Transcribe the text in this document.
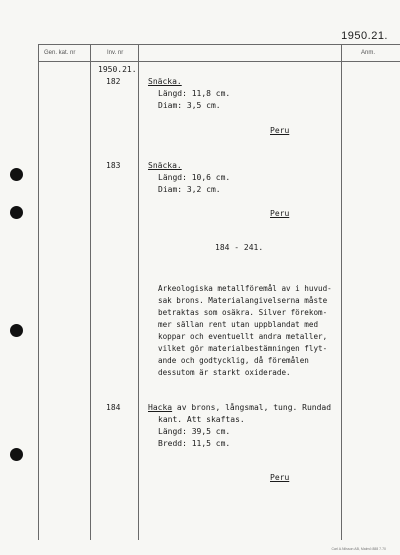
1950.21.
Gen. kat. nr	Inv. nr	Anm.
1950.21.
182	Snäcka.
Längd: 11,8 cm.
Diam: 3,5 cm.
Peru
183	Snäcka.
Längd: 10,6 cm.
Diam: 3,2 cm.
Peru
184 - 241.
Arkeologiska metallföremål av i huvud-
sak brons. Materialangivelserna måste
betraktas som osäkra. Silver förekom-
mer sällan rent utan uppblandat med
koppar och eventuellt andra metaller,
vilket gör materialbestämningen flyt-
ande och godtycklig, då föremålen
dessutom är starkt oxiderade.
184	Hacka av brons, långsmal, tung. Rundad
kant. Att skaftas.
Längd: 39,5 cm.
Bredd: 11,5 cm.
Peru
Carl A.Nilsson AB, Malmö 888 7.70
